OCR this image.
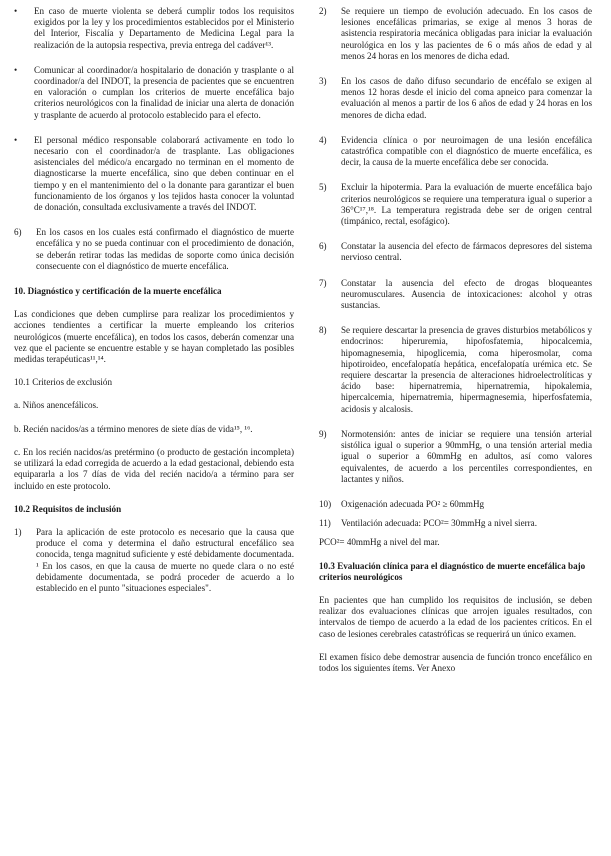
• En caso de muerte violenta se deberá cumplir todos los requisitos exigidos por la ley y los procedimientos establecidos por el Ministerio del Interior, Fiscalía y Departamento de Medicina Legal para la realización de la autopsia respectiva, previa entrega del cadáver¹³.
• Comunicar al coordinador/a hospitalario de donación y trasplante o al coordinador/a del INDOT, la presencia de pacientes que se encuentren en valoración o cumplan los criterios de muerte encefálica bajo criterios neurológicos con la finalidad de iniciar una alerta de donación y trasplante de acuerdo al protocolo establecido para el efecto.
• El personal médico responsable colaborará activamente en todo lo necesario con el coordinador/a de trasplante. Las obligaciones asistenciales del médico/a encargado no terminan en el momento de diagnosticarse la muerte encefálica, sino que deben continuar en el tiempo y en el mantenimiento del o la donante para garantizar el buen funcionamiento de los órganos y los tejidos hasta conocer la voluntad de donación, consultada exclusivamente a través del INDOT.
6) En los casos en los cuales está confirmado el diagnóstico de muerte encefálica y no se pueda continuar con el procedimiento de donación, se deberán retirar todas las medidas de soporte como única decisión consecuente con el diagnóstico de muerte encefálica.
10. Diagnóstico y certificación de la muerte encefálica

Las condiciones que deben cumplirse para realizar los procedimientos y acciones tendientes a certificar la muerte empleando los criterios neurológicos (muerte encefálica), en todos los casos, deberán comenzar una vez que el paciente se encuentre estable y se hayan completado las posibles medidas terapéuticas¹¹,¹⁴.

10.1 Criterios de exclusión

a. Niños anencefálicos.

b. Recién nacidos/as a término menores de siete días de vida¹⁵, ¹⁶.

c. En los recién nacidos/as pretérmino (o producto de gestación incompleta) se utilizará la edad corregida de acuerdo a la edad gestacional, debiendo esta equipararla a los 7 días de vida del recién nacido/a a término para ser incluido en este protocolo.

10.2 Requisitos de inclusión
1) Para la aplicación de este protocolo es necesario que la causa que produce el coma y determina el daño estructural encefálico sea conocida, tenga magnitud suficiente y esté debidamente documentada. ¹ En los casos, en que la causa de muerte no quede clara o no esté debidamente documentada, se podrá proceder de acuerdo a lo establecido en el punto "situaciones especiales".
2) Se requiere un tiempo de evolución adecuado. En los casos de lesiones encefálicas primarias, se exige al menos 3 horas de asistencia respiratoria mecánica obligadas para iniciar la evaluación neurológica en los y las pacientes de 6 o más años de edad y al menos 24 horas en los menores de dicha edad.
3) En los casos de daño difuso secundario de encéfalo se exigen al menos 12 horas desde el inicio del coma apneico para comenzar la evaluación al menos a partir de los 6 años de edad y 24 horas en los menores de dicha edad.
4) Evidencia clínica o por neuroimagen de una lesión encefálica catastrófica compatible con el diagnóstico de muerte encefálica, es decir, la causa de la muerte encefálica debe ser conocida.
5) Excluir la hipotermia. Para la evaluación de muerte encefálica bajo criterios neurológicos se requiere una temperatura igual o superior a 36°C¹⁷,¹⁸. La temperatura registrada debe ser de origen central (timpánico, rectal, esofágico).
6) Constatar la ausencia del efecto de fármacos depresores del sistema nervioso central.
7) Constatar la ausencia del efecto de drogas bloqueantes neuromusculares. Ausencia de intoxicaciones: alcohol y otras sustancias.
8) Se requiere descartar la presencia de graves disturbios metabólicos y endocrinos: hiperuremia, hipofosfatemia, hipocalcemia, hipomagnesemia, hipoglicemia, coma hiperosmolar, coma hipotiroideo, encefalopatía hepática, encefalopatía urémica etc. Se requiere descartar la presencia de alteraciones hidroelectrolíticas y ácido base: hipernatremia, hipernatremia, hipokalemia, hipercalcemia, hipernatremia, hipermagnesemia, hiperfosfatemia, acidosis y alcalosis.
9) Normotensión: antes de iniciar se requiere una tensión arterial sistólica igual o superior a 90mmHg, o una tensión arterial media igual o superior a 60mmHg en adultos, así como valores equivalentes, de acuerdo a los percentiles correspondientes, en lactantes y niños.
10) Oxigenación adecuada PO² ≥ 60mmHg
11) Ventilación adecuada: PCO²= 30mmHg a nivel sierra.

PCO²= 40mmHg a nivel del mar.

10.3 Evaluación clínica para el diagnóstico de muerte encefálica bajo criterios neurológicos

En pacientes que han cumplido los requisitos de inclusión, se deben realizar dos evaluaciones clínicas que arrojen iguales resultados, con intervalos de tiempo de acuerdo a la edad de los pacientes críticos. En el caso de lesiones cerebrales catastróficas se requerirá un único examen.

El examen físico debe demostrar ausencia de función tronco encefálico en todos los siguientes ítems. Ver Anexo
